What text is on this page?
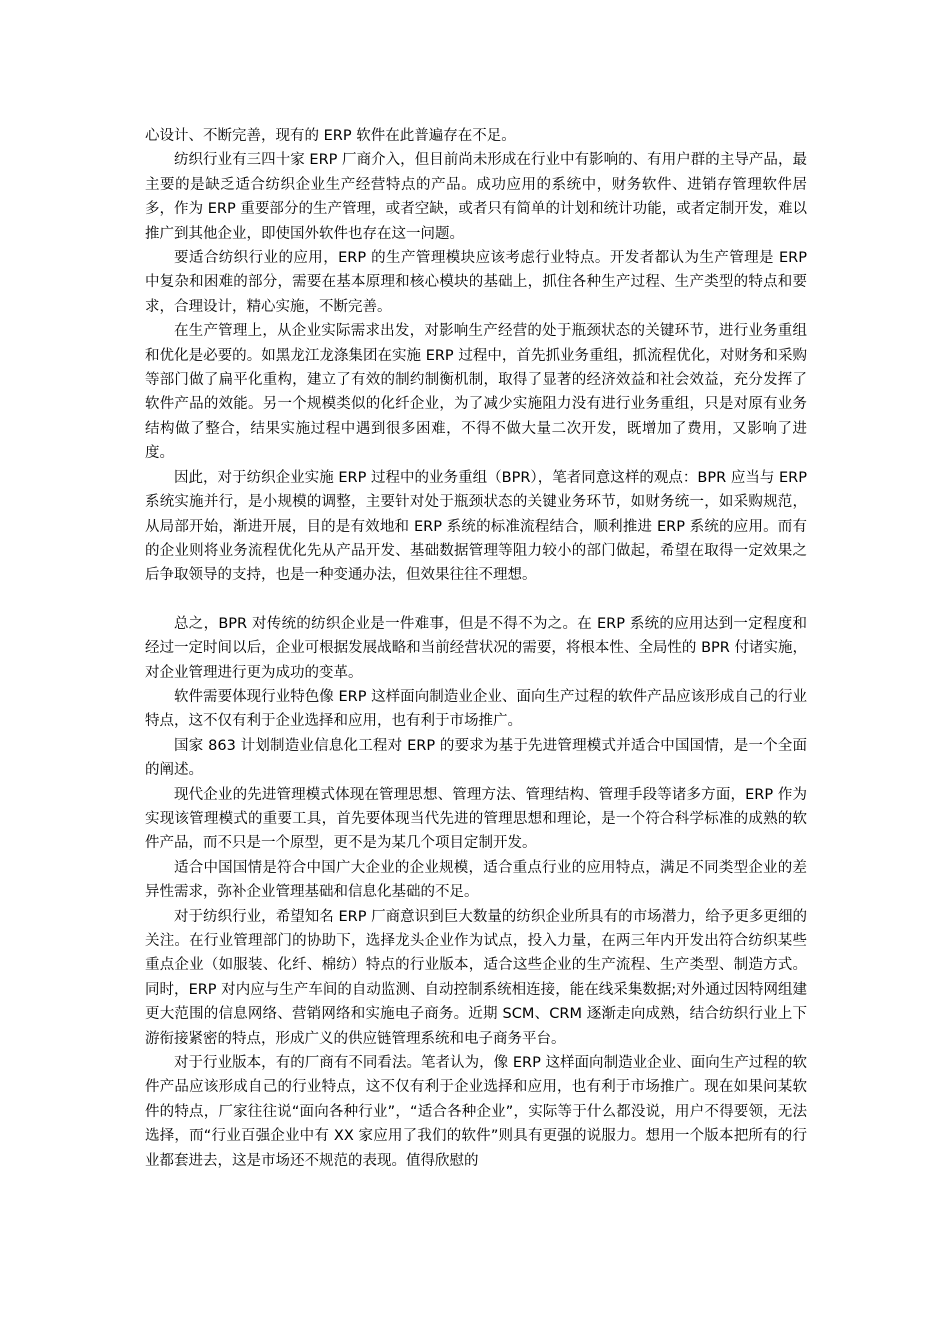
心设计、不断完善，现有的 ERP 软件在此普遍存在不足。

纺织行业有三四十家 ERP 厂商介入，但目前尚未形成在行业中有影响的、有用户群的主导产品，最主要的是缺乏适合纺织企业生产经营特点的产品。成功应用的系统中，财务软件、进销存管理软件居多，作为 ERP 重要部分的生产管理，或者空缺，或者只有简单的计划和统计功能，或者定制开发，难以推广到其他企业，即使国外软件也存在这一问题。

要适合纺织行业的应用，ERP 的生产管理模块应该考虑行业特点。开发者都认为生产管理是 ERP 中复杂和困难的部分，需要在基本原理和核心模块的基础上，抓住各种生产过程、生产类型的特点和要求，合理设计，精心实施，不断完善。

在生产管理上，从企业实际需求出发，对影响生产经营的处于瓶颈状态的关键环节，进行业务重组和优化是必要的。如黑龙江龙涤集团在实施 ERP 过程中，首先抓业务重组，抓流程优化，对财务和采购等部门做了扁平化重构，建立了有效的制约制衡机制，取得了显著的经济效益和社会效益，充分发挥了软件产品的效能。另一个规模类似的化纤企业，为了减少实施阻力没有进行业务重组，只是对原有业务结构做了整合，结果实施过程中遇到很多困难，不得不做大量二次开发，既增加了费用，又影响了进度。

因此，对于纺织企业实施 ERP 过程中的业务重组（BPR），笔者同意这样的观点：BPR 应当与 ERP 系统实施并行，是小规模的调整，主要针对处于瓶颈状态的关键业务环节，如财务统一，如采购规范，从局部开始，渐进开展，目的是有效地和 ERP 系统的标准流程结合，顺利推进 ERP 系统的应用。而有的企业则将业务流程优化先从产品开发、基础数据管理等阻力较小的部门做起，希望在取得一定效果之后争取领导的支持，也是一种变通办法，但效果往往不理想。

总之，BPR 对传统的纺织企业是一件难事，但是不得不为之。在 ERP 系统的应用达到一定程度和经过一定时间以后，企业可根据发展战略和当前经营状况的需要，将根本性、全局性的 BPR 付诸实施，对企业管理进行更为成功的变革。

软件需要体现行业特色像 ERP 这样面向制造业企业、面向生产过程的软件产品应该形成自己的行业特点，这不仅有利于企业选择和应用，也有利于市场推广。

国家 863 计划制造业信息化工程对 ERP 的要求为基于先进管理模式并适合中国国情，是一个全面的阐述。

现代企业的先进管理模式体现在管理思想、管理方法、管理结构、管理手段等诸多方面，ERP 作为实现该管理模式的重要工具，首先要体现当代先进的管理思想和理论，是一个符合科学标准的成熟的软件产品，而不只是一个原型，更不是为某几个项目定制开发。

适合中国国情是符合中国广大企业的企业规模，适合重点行业的应用特点，满足不同类型企业的差异性需求，弥补企业管理基础和信息化基础的不足。

对于纺织行业，希望知名 ERP 厂商意识到巨大数量的纺织企业所具有的市场潜力，给予更多更细的关注。在行业管理部门的协助下，选择龙头企业作为试点，投入力量，在两三年内开发出符合纺织某些重点企业（如服装、化纤、棉纺）特点的行业版本，适合这些企业的生产流程、生产类型、制造方式。同时，ERP 对内应与生产车间的自动监测、自动控制系统相连接，能在线采集数据;对外通过因特网组建更大范围的信息网络、营销网络和实施电子商务。近期 SCM、CRM 逐渐走向成熟，结合纺织行业上下游衔接紧密的特点，形成广义的供应链管理系统和电子商务平台。

对于行业版本，有的厂商有不同看法。笔者认为，像 ERP 这样面向制造业企业、面向生产过程的软件产品应该形成自己的行业特点，这不仅有利于企业选择和应用，也有利于市场推广。现在如果问某软件的特点，厂家往往说“面向各种行业”，“适合各种企业”，实际等于什么都没说，用户不得要领，无法选择，而“行业百强企业中有 XX 家应用了我们的软件”则具有更强的说服力。想用一个版本把所有的行业都套进去，这是市场还不规范的表现。值得欣慰的
